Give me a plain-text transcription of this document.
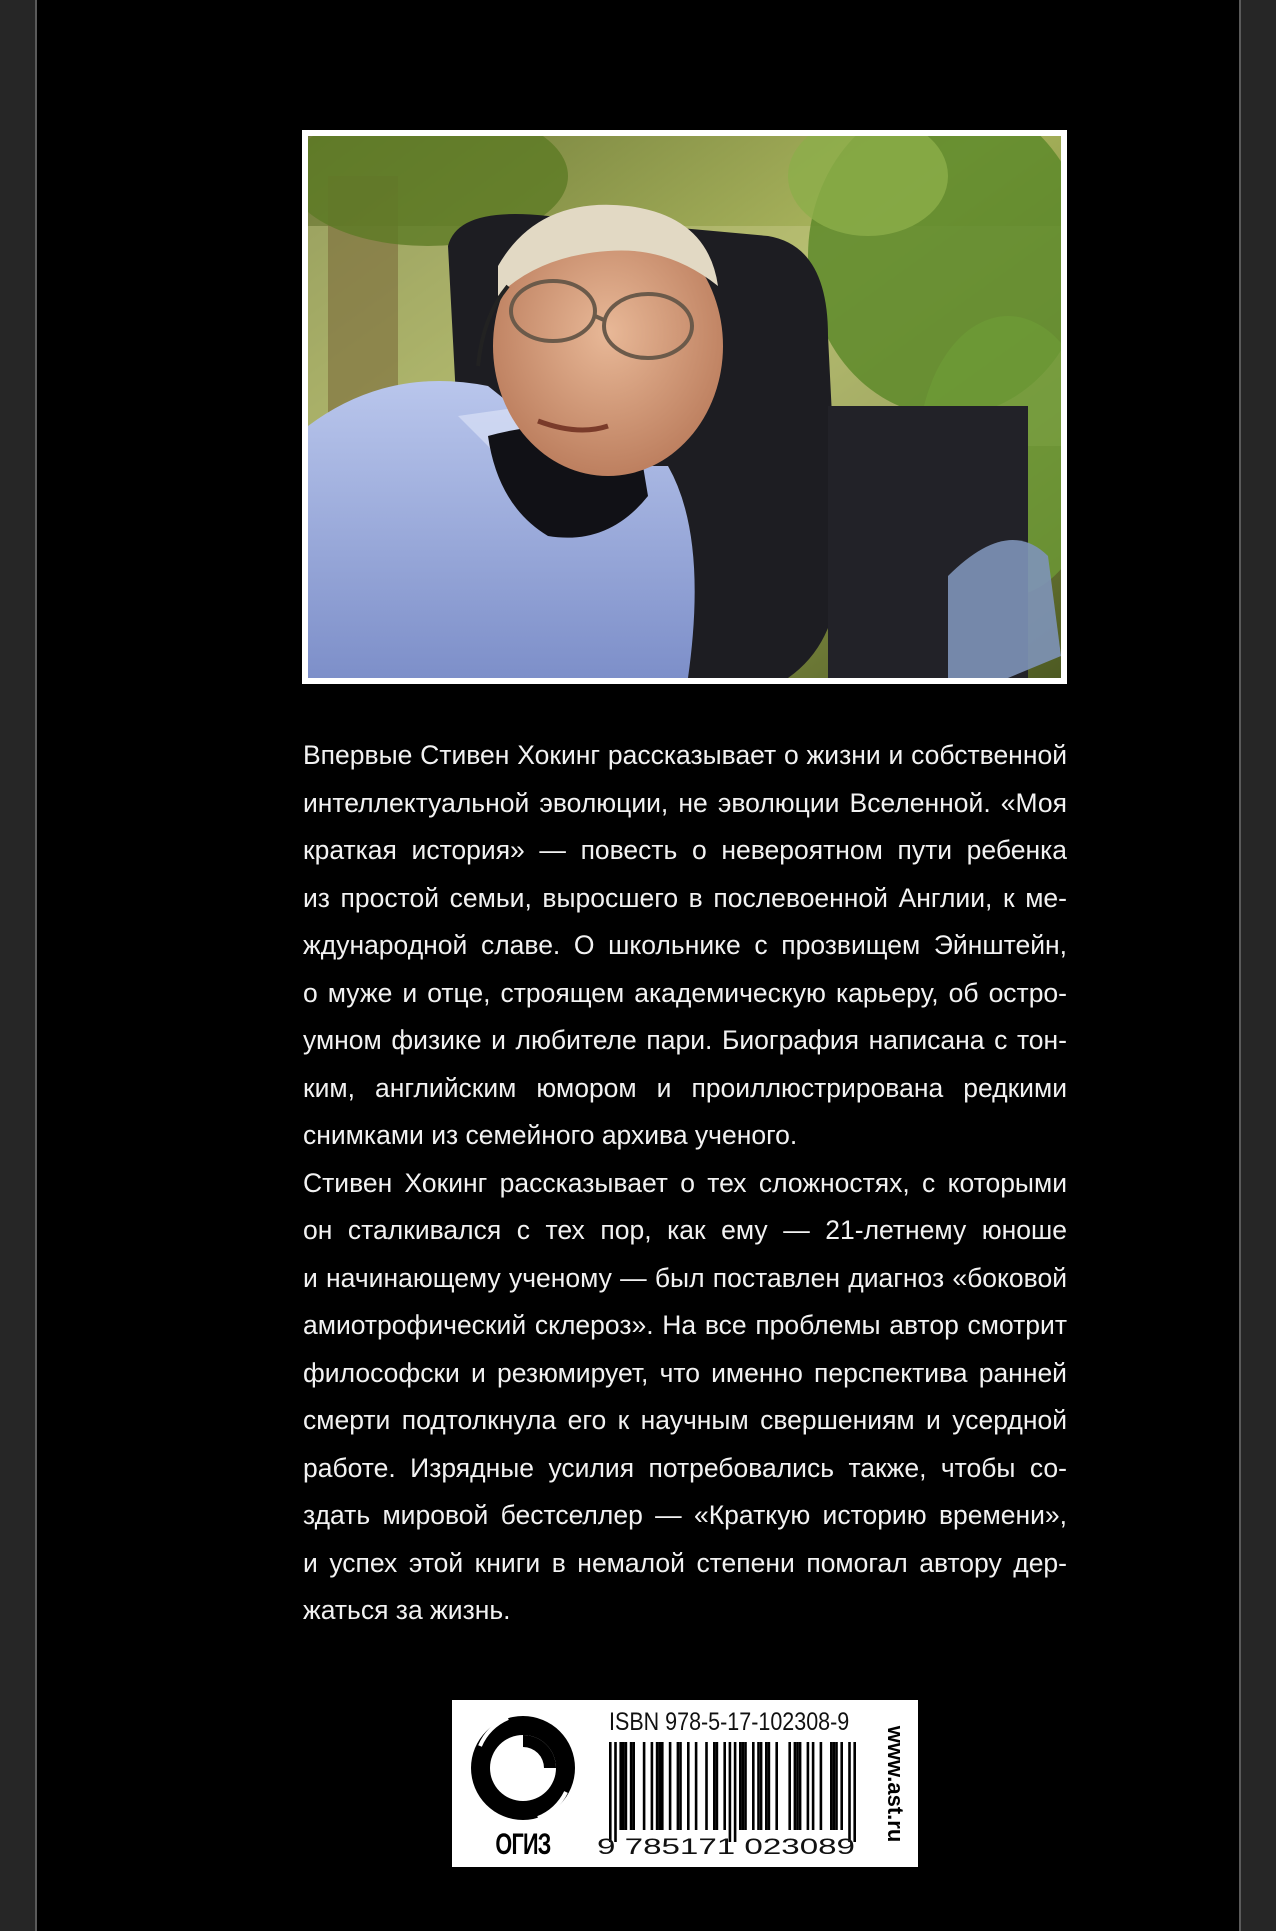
Впервые Стивен Хокинг рассказывает о жизни и собственной
интеллектуальной эволюции, не эволюции Вселенной. «Моя
краткая история» — повесть о невероятном пути ребенка
из простой семьи, выросшего в послевоенной Англии, к ме-
ждународной славе. О школьнике с прозвищем Эйнштейн,
о муже и отце, строящем академическую карьеру, об остро-
умном физике и любителе пари. Биография написана с тон-
ким, английским юмором и проиллюстрирована редкими
снимками из семейного архива ученого.

Стивен Хокинг рассказывает о тех сложностях, с которыми
он сталкивался с тех пор, как ему — 21-летнему юноше
и начинающему ученому — был поставлен диагноз «боковой
амиотрофический склероз». На все проблемы автор смотрит
философски и резюмирует, что именно перспектива ранней
смерти подтолкнула его к научным свершениям и усердной
работе. Изрядные усилия потребовались также, чтобы со-
здать мировой бестселлер — «Краткую историю времени»,
и успех этой книги в немалой степени помогал автору дер-
жаться за жизнь.

ОГИЗ
ISBN 978-5-17-102308-9
9 785171 023089
www.ast.ru
